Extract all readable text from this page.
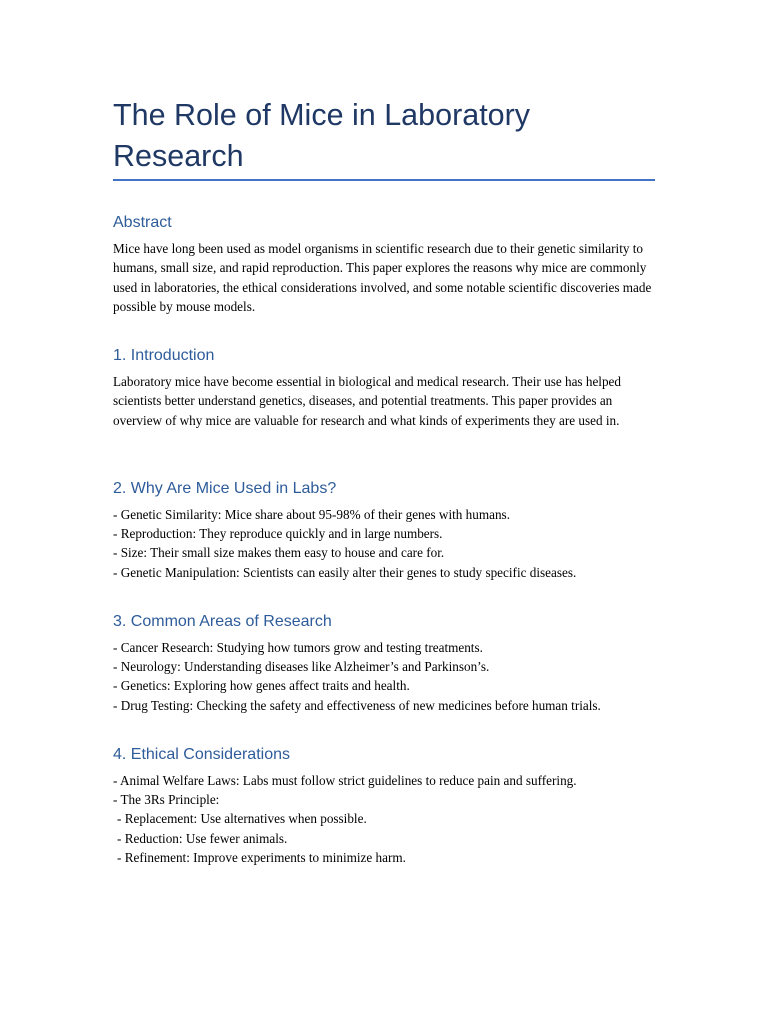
The Role of Mice in Laboratory Research
Abstract

Mice have long been used as model organisms in scientific research due to their genetic similarity to humans, small size, and rapid reproduction. This paper explores the reasons why mice are commonly used in laboratories, the ethical considerations involved, and some notable scientific discoveries made possible by mouse models.

1. Introduction

Laboratory mice have become essential in biological and medical research. Their use has helped scientists better understand genetics, diseases, and potential treatments. This paper provides an overview of why mice are valuable for research and what kinds of experiments they are used in.

2. Why Are Mice Used in Labs?

- Genetic Similarity: Mice share about 95-98% of their genes with humans.

- Reproduction: They reproduce quickly and in large numbers.

- Size: Their small size makes them easy to house and care for.

- Genetic Manipulation: Scientists can easily alter their genes to study specific diseases.

3. Common Areas of Research

- Cancer Research: Studying how tumors grow and testing treatments.

- Neurology: Understanding diseases like Alzheimer’s and Parkinson’s.

- Genetics: Exploring how genes affect traits and health.

- Drug Testing: Checking the safety and effectiveness of new medicines before human trials.

4. Ethical Considerations

- Animal Welfare Laws: Labs must follow strict guidelines to reduce pain and suffering.

- The 3Rs Principle:

- Replacement: Use alternatives when possible.

- Reduction: Use fewer animals.

- Refinement: Improve experiments to minimize harm.
